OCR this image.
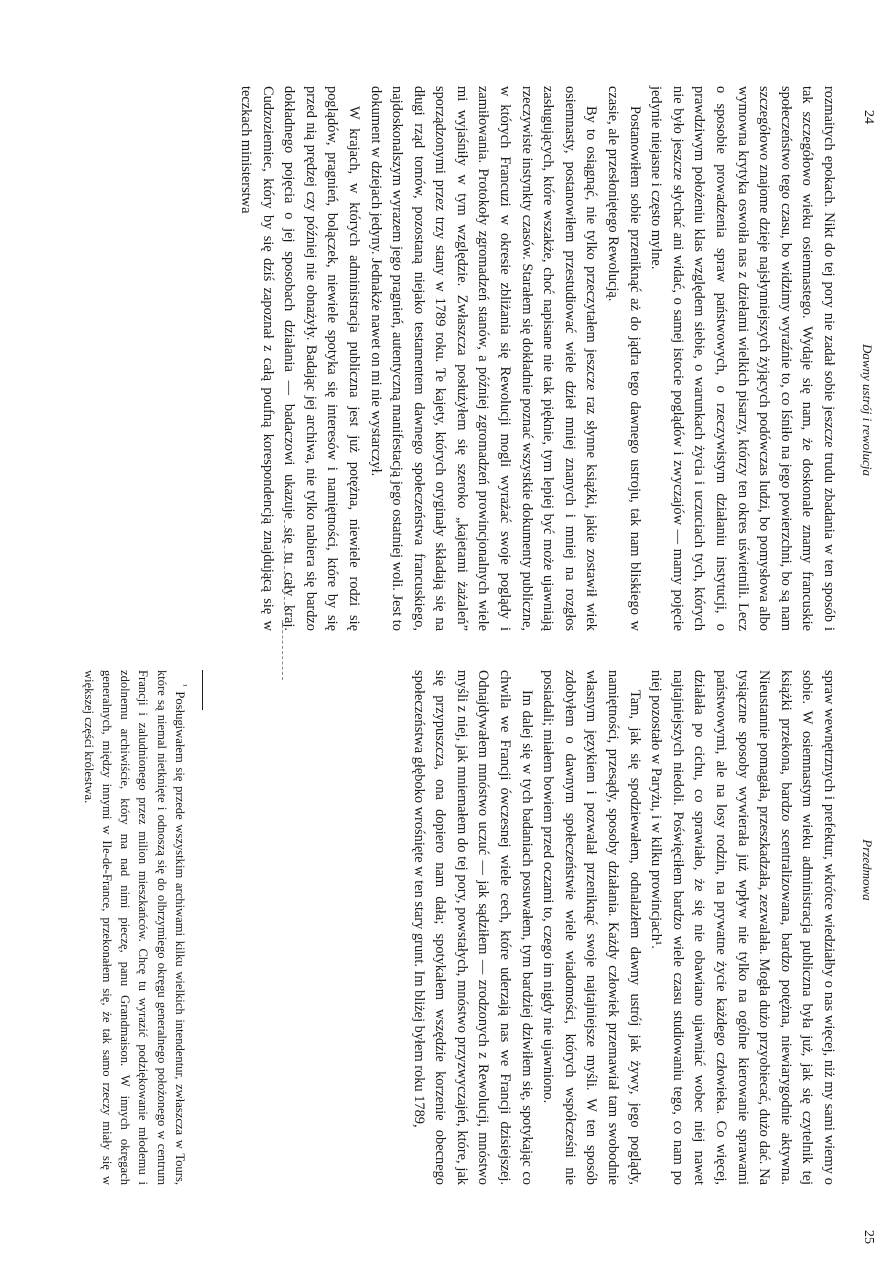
24
Dawny ustrój i rewolucja

rozmaitych epokach. Nikt do tej pory nie zadał sobie jeszcze trudu zbadania w ten sposób i tak szczegółowo wieku osiemnastego. Wydaje się nam, że doskonale znamy francuskie społeczeństwo tego czasu, bo widzimy wyraźnie to, co lśniło na jego powierzchni, bo są nam szczegółowo znajome dzieje najsłynniejszych żyjących podówczas ludzi, bo pomysłowa albo wymowna krytyka oswoiła nas z dziełami wielkich pisarzy, którzy ten okres uświetnili. Lecz o sposobie prowadzenia spraw państwowych, o rzeczywistym działaniu instytucji, o prawdziwym położeniu klas względem siebie, o warunkach życia i uczuciach tych, których nie było jeszcze słychać ani widać, o samej istocie poglądów i zwyczajów — mamy pojęcie jedynie niejasne i często mylne.

Postanowiłem sobie przeniknąć aż do jądra tego dawnego ustroju, tak nam bliskiego w czasie, ale przesłoniętego Rewolucją.

By to osiągnąć, nie tylko przeczytałem jeszcze raz słynne książki, jakie zostawił wiek osiemnasty, postanowiłem przestudiować wiele dzieł mniej znanych i mniej na rozgłos zasługujących, które wszakże, choć napisane nie tak pięknie, tym lepiej być może ujawniają rzeczywiste instynkty czasów. Starałem się dokładnie poznać wszystkie dokumenty publiczne, w których Francuzi w okresie zbliżania się Rewolucji mogli wyrażać swoje poglądy i zamiłowania. Protokoły zgromadzeń stanów, a później zgromadzeń prowincjonalnych wiele mi wyjaśniły w tym względzie. Zwłaszcza posłużyłem się szeroko „kajetami żażaleń” sporządzonymi przez trzy stany w 1789 roku. Te kajety, których oryginały składają się na długi rząd tomów, pozostaną niejako testamentem dawnego społeczeństwa francuskiego, najdoskonalszym wyrazem jego pragnień, autentyczną manifestacją jego ostatniej woli. Jest to dokument w dziejach jedyny. Jednakże nawet on mi nie wystarczył.

W krajach, w których administracja publiczna jest już potężna, niewiele rodzi się poglądów, pragnień, bolączek, niewiele spotyka się interesów i namiętności, które by się przed nią prędzej czy później nie obnażyły. Badając jej archiwa, nie tylko nabiera się bardzo dokładnego pojęcia o jej sposobach działania — badaczowi ukazuje się tu cały kraj. Cudzoziemiec, który by się dziś zapoznał z całą poufną korespondencją znajdującą się w teczkach ministerstwa

Przedmowa
25

spraw wewnętrznych i prefektur, wkrótce wiedziałby o nas więcej, niż my sami wiemy o sobie. W osiemnastym wieku administracja publiczna była już, jak się czytelnik tej książki przekona, bardzo scentralizowana, bardzo potężna, niewiarygodnie aktywna. Nieustannie pomagała, przeszkadzała, zezwalała. Mogła dużo przyobiecać, dużo dać. Na tysiączne sposoby wywierała już wpływ nie tylko na ogólne kierowanie sprawami państwowymi, ale na losy rodzin, na prywatne życie każdego człowieka. Co więcej, działała po cichu, co sprawiało, że się nie obawiano ujawniać wobec niej nawet najtajniejszych niedoli. Poświęciłem bardzo wiele czasu studiowaniu tego, co nam po niej pozostało w Paryżu, i w kilku prowincjach¹.

Tam, jak się spodziewałem, odnalazłem dawny ustrój jak żywy, jego poglądy, namiętności, przesądy, sposoby działania. Każdy człowiek przemawiał tam swobodnie własnym językiem i pozwalał przeniknąć swoje najtajniejsze myśli. W ten sposób zdobyłem o dawnym społeczeństwie wiele wiadomości, których współcześni nie posiadali; miałem bowiem przed oczami to, czego im nigdy nie ujawniono.

Im dalej się w tych badaniach posuwałem, tym bardziej dziwiłem się, spotykając co chwila we Francji ówczesnej wiele cech, które uderzają nas we Francji dzisiejszej. Odnajdywałem mnóstwo uczuć — jak sądziłem — zrodzonych z Rewolucji, mnóstwo myśli z niej, jak mniemałem do tej pory, powstałych, mnóstwo przyzwyczajeń, które, jak się przypuszcza, ona dopiero nam dała; spotykałem wszędzie korzenie obecnego społeczeństwa głęboko wrośnięte w ten stary grunt. Im bliżej byłem roku 1789,

$^{^1}$ Posługiwałem się przede wszystkim archiwami kilku wielkich intendentur, zwłaszcza w Tours, które są niemal nietknięte i odnoszą się do olbrzymiego okręgu generalnego położonego w centrum Francji i zaludnionego przez milion mieszkańców. Chcę tu wyrazić podziękowanie młodemu i zdolnemu archiwiście, który ma nad nimi pieczę, panu Grandmaison. W innych okręgach generalnych, między innymi w Ile-de-France, przekonałem się, że tak samo rzeczy miały się w większej części królestwa.
